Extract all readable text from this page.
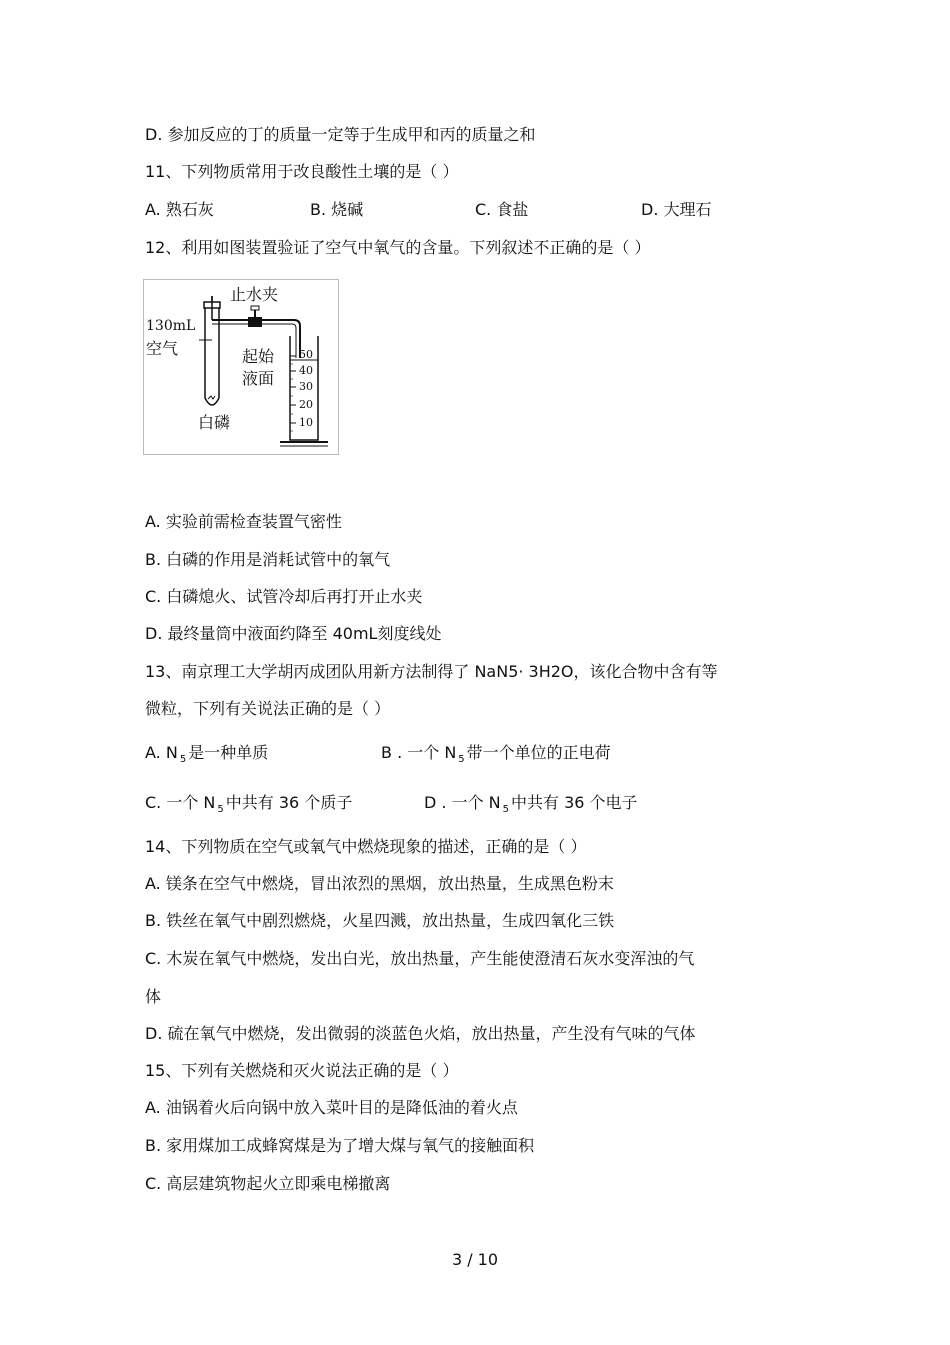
D. 参加反应的丁的质量一定等于生成甲和丙的质量之和
11、下列物质常用于改良酸性土壤的是（ ）
A. 熟石灰	B. 烧碱	C. 食盐	D. 大理石
12、利用如图装置验证了空气中氧气的含量。下列叙述不正确的是（ ）
止水夹
130mL
空气	起始
液面
白磷
50
40
30
20
10
A. 实验前需检查装置气密性
B. 白磷的作用是消耗试管中的氧气
C. 白磷熄火、试管冷却后再打开止水夹
D. 最终量筒中液面约降至 40mL刻度线处
13、南京理工大学胡丙成团队用新方法制得了 NaN5· 3H2O，该化合物中含有等
微粒，下列有关说法正确的是（ ）
A. N $_5$ 是一种单质	B . 一个 N $_5$ 带一个单位的正电荷
C. 一个 N $_5$ 中共有 36 个质子	D . 一个 N $_5$ 中共有 36 个电子
14、下列物质在空气或氧气中燃烧现象的描述，正确的是（ ）
A. 镁条在空气中燃烧，冒出浓烈的黑烟，放出热量，生成黑色粉末
B. 铁丝在氧气中剧烈燃烧，火星四溅，放出热量，生成四氧化三铁
C. 木炭在氧气中燃烧，发出白光，放出热量，产生能使澄清石灰水变浑浊的气
体
D. 硫在氧气中燃烧，发出微弱的淡蓝色火焰，放出热量，产生没有气味的气体
15、下列有关燃烧和灭火说法正确的是（ ）
A. 油锅着火后向锅中放入菜叶目的是降低油的着火点
B. 家用煤加工成蜂窝煤是为了增大煤与氧气的接触面积
C. 高层建筑物起火立即乘电梯撤离
3 / 10
